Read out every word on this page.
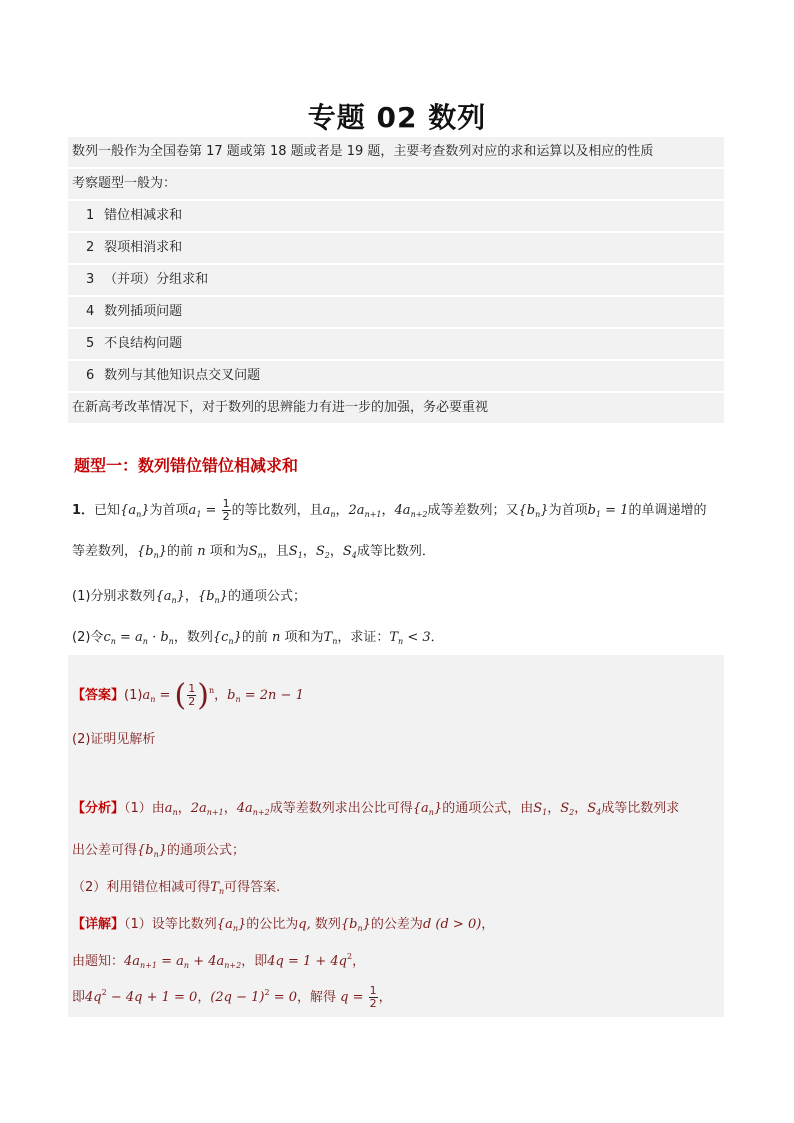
专题 02 数列
数列一般作为全国卷第 17 题或第 18 题或者是 19 题，主要考查数列对应的求和运算以及相应的性质
考察题型一般为：
1 错位相减求和
2 裂项相消求和
3 （并项）分组求和
4 数列插项问题
5 不良结构问题
6 数列与其他知识点交叉问题
在新高考改革情况下，对于数列的思辨能力有进一步的加强，务必要重视
题型一：数列错位错位相减求和
1．已知$\{a_n\}$为首项$a_1 = \frac{1}{2}$ 的等比数列，且$a_n$，$2a_{n+1}$，$4a_{n+2}$成等差数列；又$\{b_n\}$为首项$b_1 = 1$的单调递增的
等差数列，$\{b_n\}$的前 n 项和为$S_n$，且$S_1$，$S_2$，$S_4$成等比数列．
(1)分别求数列$\{a_n\}$，$\{b_n\}$的通项公式；
(2)令$c_n = a_n \cdot b_n$，数列$\{c_n\}$的前 n 项和为$T_n$，求证：$T_n < 3$．
【答案】$(1)a_n$ = ( $\frac{1}{2} )^n$，$b_n = 2n - 1$
(2)证明见解析
【分析】（1）由$a_n$，$2a_{n+1}$，$4a_{n+2}$成等差数列求出公比可得$\{a_n\}$的通项公式，由$S_1$，$S_2$，$S_4$成等比数列求
出公差可得$\{b_n\}$的通项公式；
（2）利用错位相减可得$T_n$可得答案.
【详解】（1）设等比数列$\{a_n\}$的公比为q, 数列$\{b_n\}$的公差为d (d > 0)，
由题知：$4a_{n+1} = a_n + 4a_{n+2}$，即$4q = 1 + 4q^2$，
即$4q^2 - 4q + 1 = 0$，$(2q - 1)^2 = 0$，解得 $q = \frac{1}{2}$ ，
